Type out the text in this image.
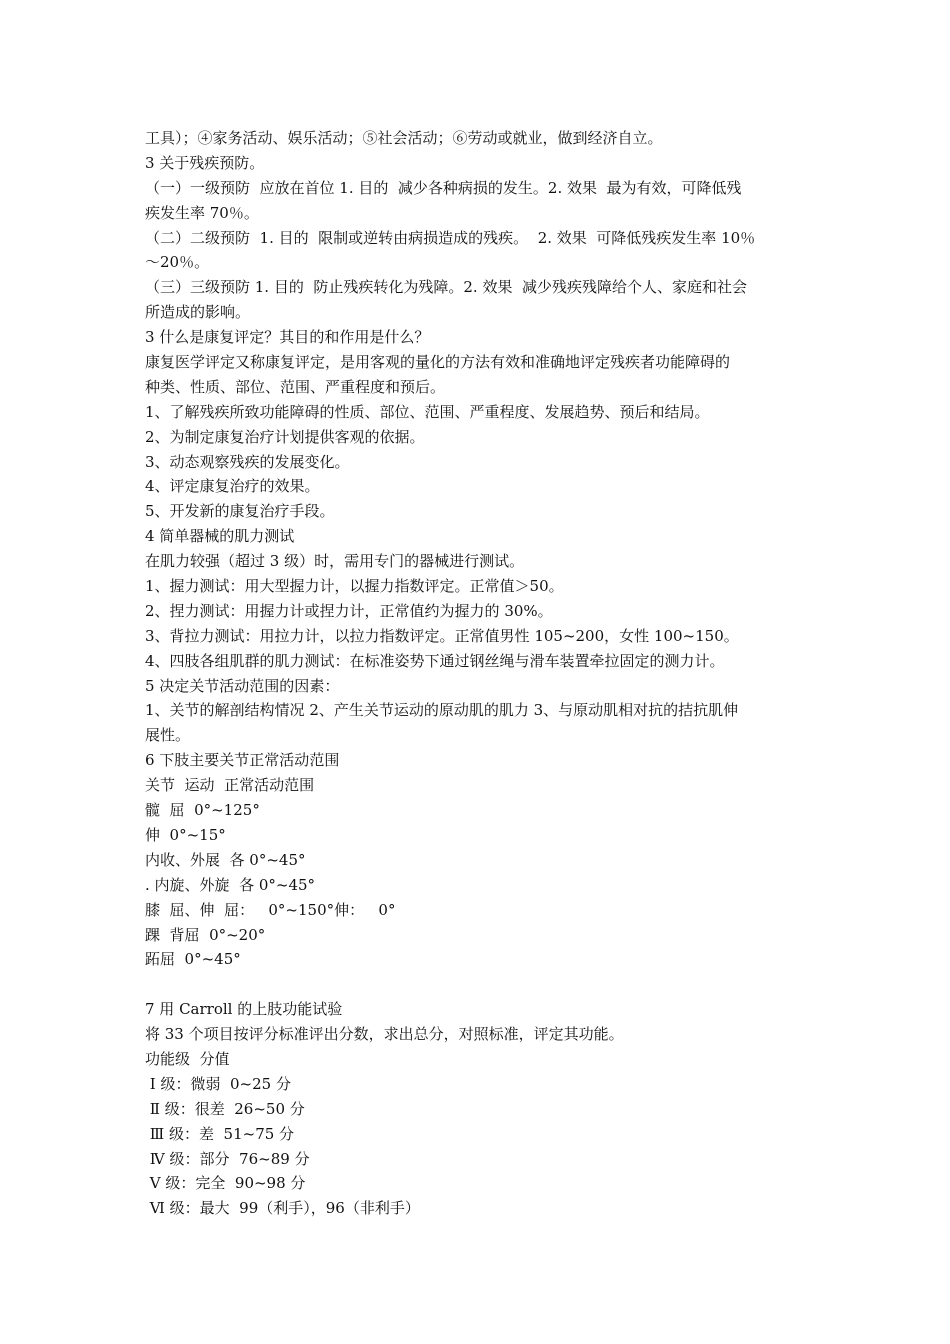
工具）；④家务活动、娱乐活动；⑤社会活动；⑥劳动或就业，做到经济自立。
3 关于残疾预防。
（一）一级预防  应放在首位 1. 目的  减少各种病损的发生。2. 效果  最为有效，可降低残
疾发生率 70％。
（二）二级预防  1. 目的  限制或逆转由病损造成的残疾。  2. 效果  可降低残疾发生率 10％
～20％。
（三）三级预防 1. 目的  防止残疾转化为残障。2. 效果  减少残疾残障给个人、家庭和社会
所造成的影响。
3 什么是康复评定？其目的和作用是什么？
康复医学评定又称康复评定，是用客观的量化的方法有效和准确地评定残疾者功能障碍的
种类、性质、部位、范围、严重程度和预后。
1、了解残疾所致功能障碍的性质、部位、范围、严重程度、发展趋势、预后和结局。
2、为制定康复治疗计划提供客观的依据。
3、动态观察残疾的发展变化。
4、评定康复治疗的效果。
5、开发新的康复治疗手段。
4 简单器械的肌力测试
在肌力较强（超过 3 级）时，需用专门的器械进行测试。
1、握力测试：用大型握力计，以握力指数评定。正常值＞50。
2、捏力测试：用握力计或捏力计，正常值约为握力的 30%。
3、背拉力测试：用拉力计，以拉力指数评定。正常值男性 105~200，女性 100~150。
4、四肢各组肌群的肌力测试：在标准姿势下通过钢丝绳与滑车装置牵拉固定的测力计。
5 决定关节活动范围的因素：
1、关节的解剖结构情况 2、产生关节运动的原动肌的肌力 3、与原动肌相对抗的拮抗肌伸
展性。
6 下肢主要关节正常活动范围
关节  运动  正常活动范围
髋  屈  0°~125°
伸  0°~15°
内收、外展  各 0°~45°
. 内旋、外旋  各 0°~45°
膝  屈、伸  屈：   0°~150°伸：   0°
踝  背屈  0°~20°
跖屈  0°~45°
7 用 Carroll 的上肢功能试验
将 33 个项目按评分标准评出分数，求出总分，对照标准，评定其功能。
功能级  分值
Ⅰ 级：微弱  0~25 分
Ⅱ 级：很差  26~50 分
Ⅲ 级：差  51~75 分
Ⅳ 级：部分  76~89 分
Ⅴ 级：完全  90~98 分
Ⅵ 级：最大  99（利手），96（非利手）
